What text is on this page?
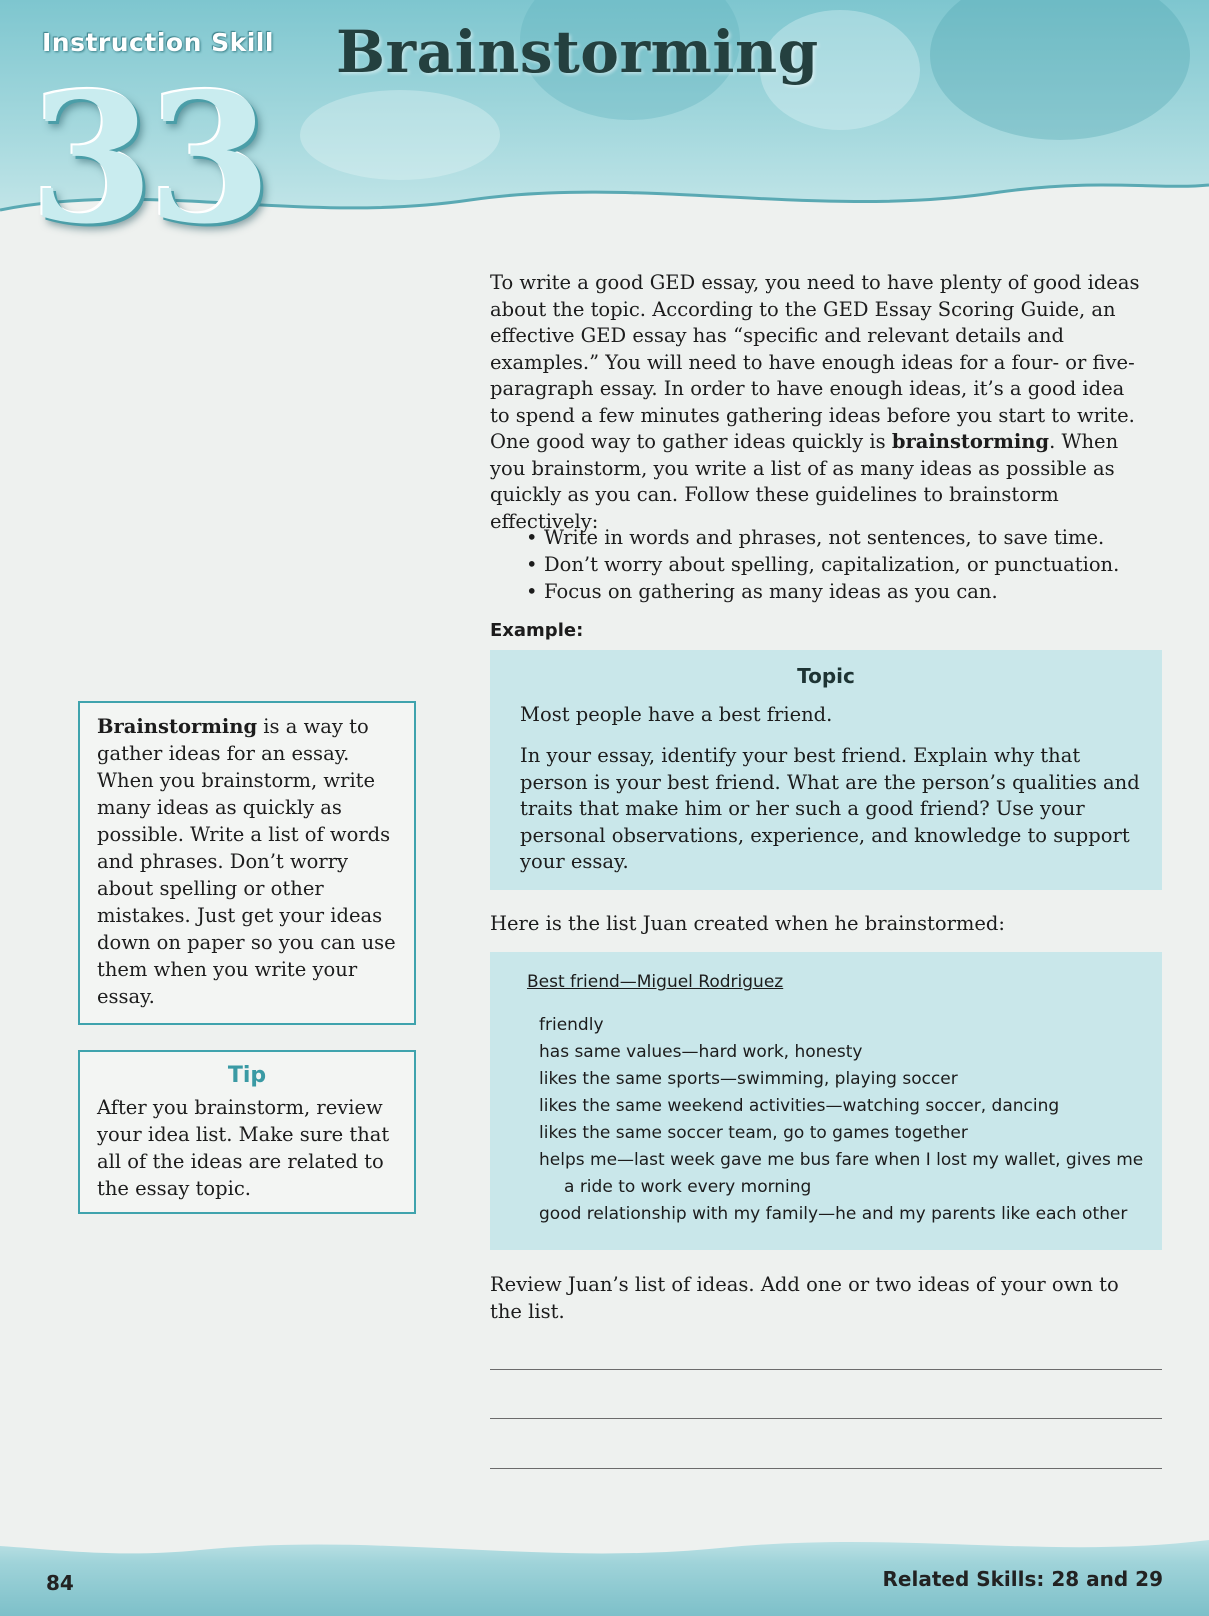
Instruction Skill
33
Brainstorming

To write a good GED essay, you need to have plenty of good ideas about the topic. According to the GED Essay Scoring Guide, an effective GED essay has “specific and relevant details and examples.” You will need to have enough ideas for a four- or five-paragraph essay. In order to have enough ideas, it’s a good idea to spend a few minutes gathering ideas before you start to write. One good way to gather ideas quickly is brainstorming. When you brainstorm, you write a list of as many ideas as possible as quickly as you can. Follow these guidelines to brainstorm effectively:

• Write in words and phrases, not sentences, to save time.
• Don’t worry about spelling, capitalization, or punctuation.
• Focus on gathering as many ideas as you can.
Example:
Topic
Most people have a best friend.
In your essay, identify your best friend. Explain why that person is your best friend. What are the person’s qualities and traits that make him or her such a good friend? Use your personal observations, experience, and knowledge to support your essay.
Here is the list Juan created when he brainstormed:
Best friend—Miguel Rodriguez
friendly
has same values—hard work, honesty
likes the same sports—swimming, playing soccer
likes the same weekend activities—watching soccer, dancing
likes the same soccer team, go to games together
helps me—last week gave me bus fare when I lost my wallet, gives me a ride to work every morning
good relationship with my family—he and my parents like each other
Review Juan’s list of ideas. Add one or two ideas of your own to the list.
Brainstorming is a way to gather ideas for an essay. When you brainstorm, write many ideas as quickly as possible. Write a list of words and phrases. Don’t worry about spelling or other mistakes. Just get your ideas down on paper so you can use them when you write your essay.
Tip
After you brainstorm, review your idea list. Make sure that all of the ideas are related to the essay topic.
84	Related Skills: 28 and 29
